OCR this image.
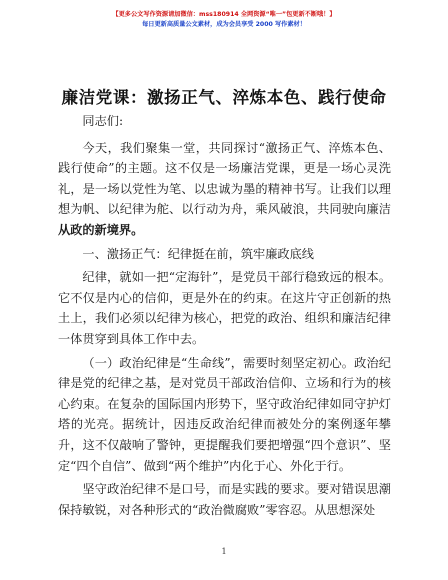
【更多公文写作资源请加微信：mss180914 全网资源“唯一”包更新不断哦！】
每日更新高质量公文素材，成为会员享受 2000 写作素材！
廉洁党课：激扬正气、淬炼本色、践行使命

同志们:

今天，我们聚集一堂，共同探讨“激扬正气、淬炼本色、践行使命”的主题。这不仅是一场廉洁党课，更是一场心灵洗礼，是一场以党性为笔、以忠诚为墨的精神书写。让我们以理想为帆、以纪律为舵、以行动为舟，乘风破浪，共同驶向廉洁从政的新境界。

一、激扬正气：纪律挺在前，筑牢廉政底线

纪律，就如一把“定海针”，是党员干部行稳致远的根本。它不仅是内心的信仰，更是外在的约束。在这片守正创新的热土上，我们必须以纪律为核心，把党的政治、组织和廉洁纪律一体贯穿到具体工作中去。

（一）政治纪律是“生命线”，需要时刻坚定初心。政治纪律是党的纪律之基，是对党员干部政治信仰、立场和行为的核心约束。在复杂的国际国内形势下，坚守政治纪律如同守护灯塔的光亮。据统计，因违反政治纪律而被处分的案例逐年攀升，这不仅敲响了警钟，更提醒我们要把增强“四个意识”、坚定“四个自信”、做到“两个维护”内化于心、外化于行。

坚守政治纪律不是口号，而是实践的要求。要对错误思潮保持敏锐，对各种形式的“政治微腐败”零容忍。从思想深处

1
